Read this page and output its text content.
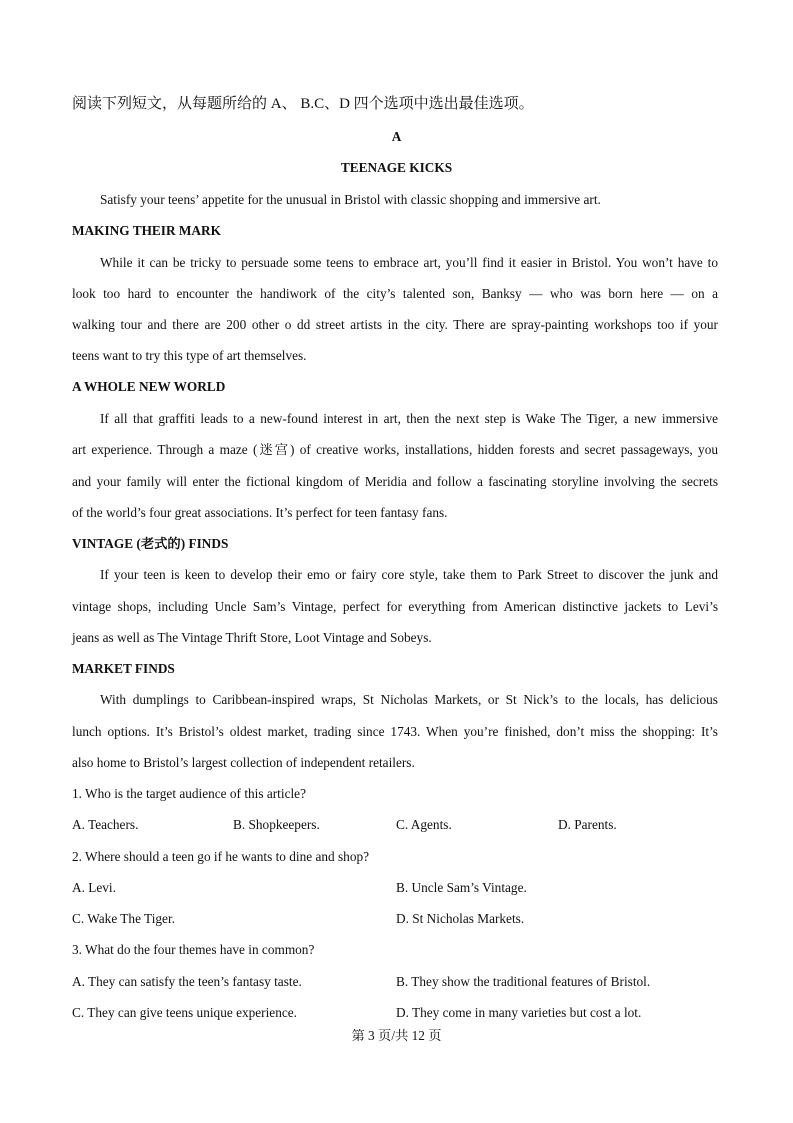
阅读下列短文，从每题所给的 A、 B.C、D 四个选项中选出最佳选项。
A
TEENAGE KICKS
Satisfy your teens’ appetite for the unusual in Bristol with classic shopping and immersive art.
MAKING THEIR MARK
While it can be tricky to persuade some teens to embrace art, you’ll find it easier in Bristol. You won’t have to
look too hard to encounter the handiwork of the city’s talented son, Banksy — who was born here — on a
walking tour and there are 200 other o dd street artists in the city. There are spray-painting workshops too if your
teens want to try this type of art themselves.
A WHOLE NEW WORLD
If all that graffiti leads to a new-found interest in art, then the next step is Wake The Tiger, a new immersive
art experience. Through a maze (迷宫) of creative works, installations, hidden forests and secret passageways, you
and your family will enter the fictional kingdom of Meridia and follow a fascinating storyline involving the secrets
of the world’s four great associations. It’s perfect for teen fantasy fans.
VINTAGE (老式的) FINDS
If your teen is keen to develop their emo or fairy core style, take them to Park Street to discover the junk and
vintage shops, including Uncle Sam’s Vintage, perfect for everything from American distinctive jackets to Levi’s
jeans as well as The Vintage Thrift Store, Loot Vintage and Sobeys.
MARKET FINDS
With dumplings to Caribbean-inspired wraps, St Nicholas Markets, or St Nick’s to the locals, has delicious
lunch options. It’s Bristol’s oldest market, trading since 1743. When you’re finished, don’t miss the shopping: It’s
also home to Bristol’s largest collection of independent retailers.
1. Who is the target audience of this article?
A. Teachers.	B. Shopkeepers.	C. Agents.	D. Parents.
2. Where should a teen go if he wants to dine and shop?
A. Levi.	B. Uncle Sam’s Vintage.
C. Wake The Tiger.	D. St Nicholas Markets.
3. What do the four themes have in common?
A. They can satisfy the teen’s fantasy taste.	B. They show the traditional features of Bristol.
C. They can give teens unique experience.	D. They come in many varieties but cost a lot.
第 3 页/共 12 页
